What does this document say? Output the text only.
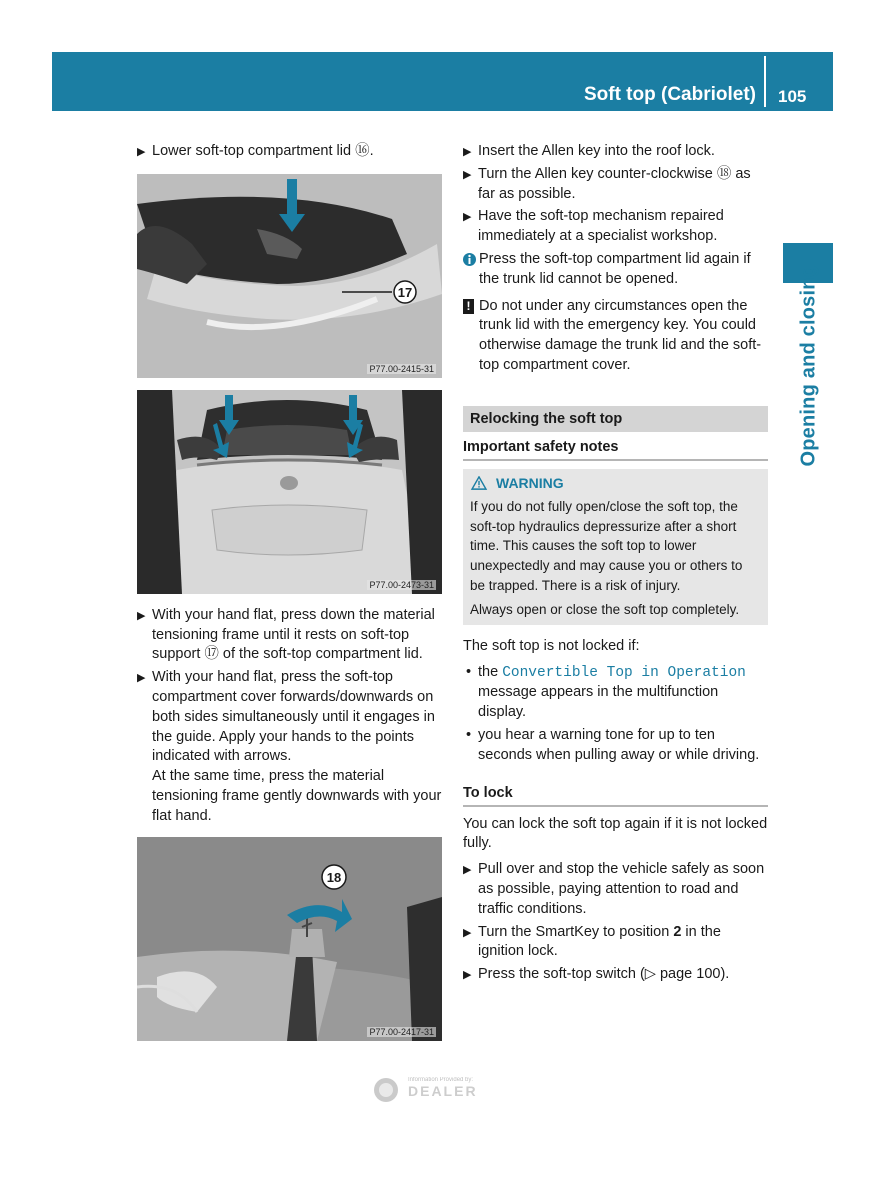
Soft top (Cabriolet) 105
Opening and closing
▶ Lower soft-top compartment lid ⑯.
17
P77.00-2415-31
P77.00-2473-31
▶ With your hand flat, press down the material tensioning frame until it rests on soft-top support ⑰ of the soft-top compartment lid.
▶ With your hand flat, press the soft-top compartment cover forwards/downwards on both sides simultaneously until it engages in the guide. Apply your hands to the points indicated with arrows.
At the same time, press the material tensioning frame gently downwards with your flat hand.
18
P77.00-2417-31
▶ Insert the Allen key into the roof lock.
▶ Turn the Allen key counter-clockwise ⑱ as far as possible.
▶ Have the soft-top mechanism repaired immediately at a specialist workshop.
Press the soft-top compartment lid again if the trunk lid cannot be opened.
! Do not under any circumstances open the trunk lid with the emergency key. You could otherwise damage the trunk lid and the soft-top compartment cover.
Relocking the soft top
Important safety notes
WARNING
If you do not fully open/close the soft top, the soft-top hydraulics depressurize after a short time. This causes the soft top to lower unexpectedly and may cause you or others to be trapped. There is a risk of injury.
Always open or close the soft top completely.
The soft top is not locked if:
• the Convertible Top in Operation message appears in the multifunction display.
• you hear a warning tone for up to ten seconds when pulling away or while driving.
To lock
You can lock the soft top again if it is not locked fully.
▶ Pull over and stop the vehicle safely as soon as possible, paying attention to road and traffic conditions.
▶ Turn the SmartKey to position 2 in the ignition lock.
▶ Press the soft-top switch (▷ page 100).
Information Provided by:
DEALER
